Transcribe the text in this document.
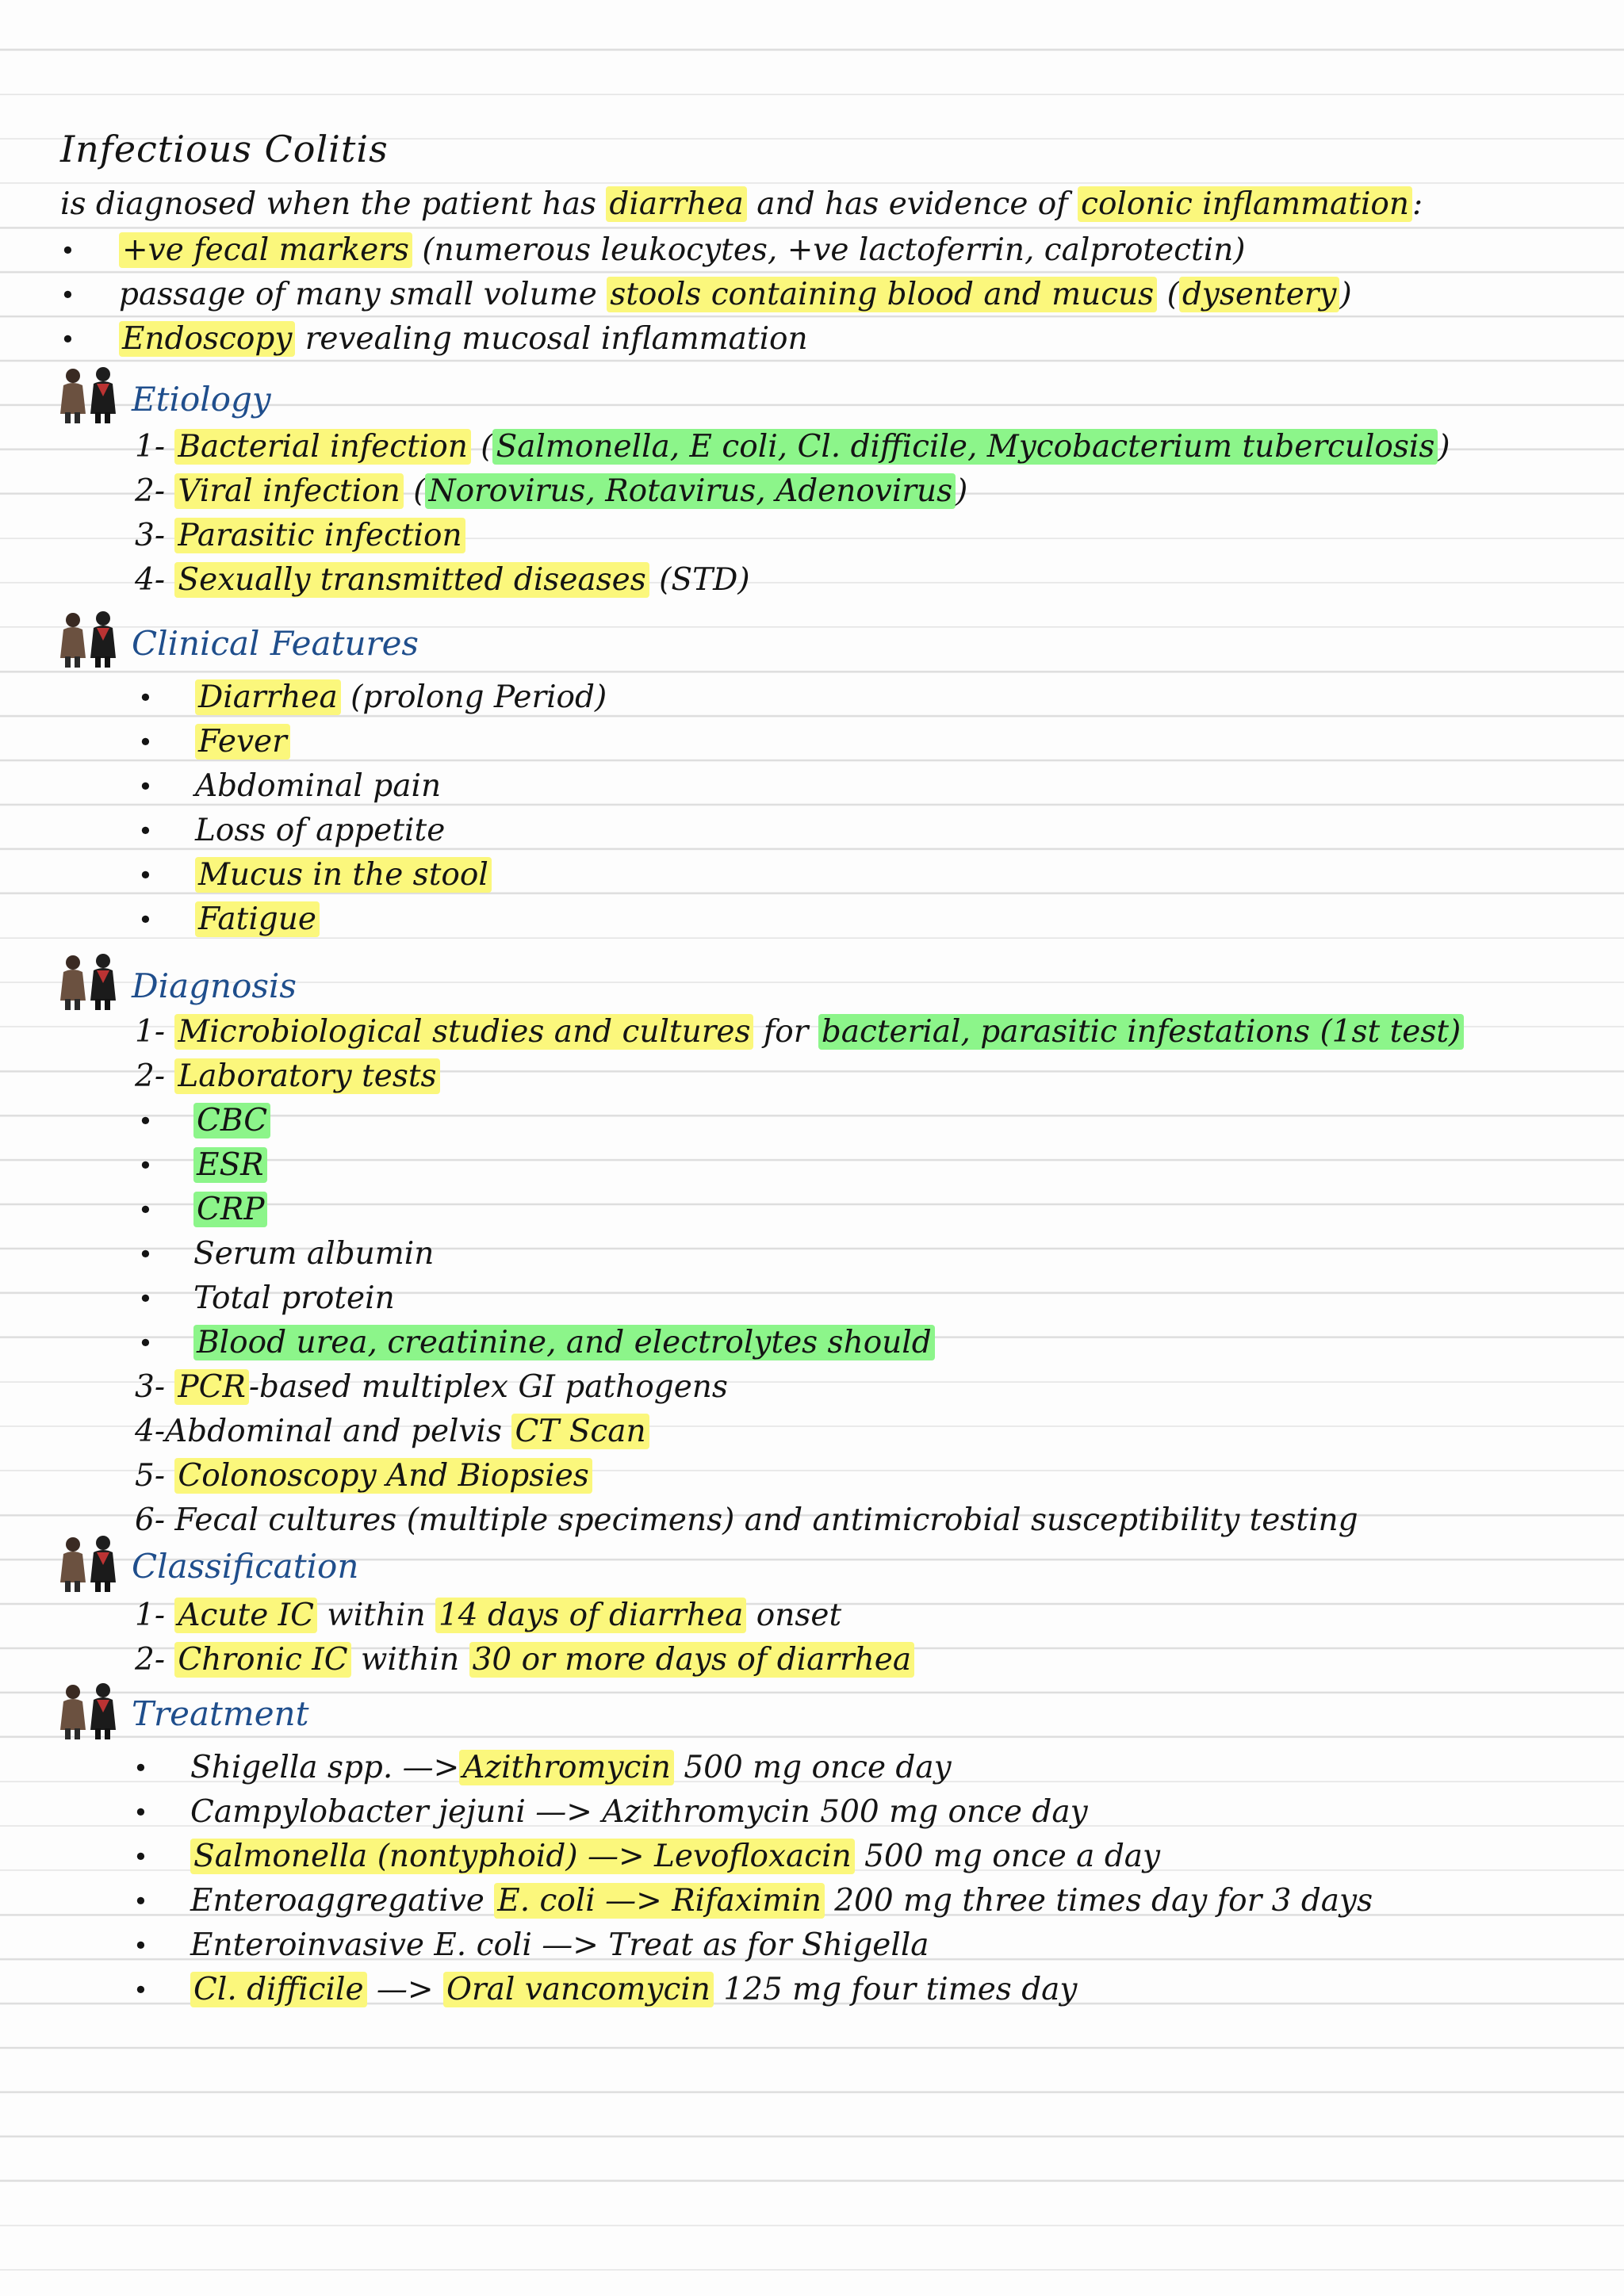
Infectious Colitis
is diagnosed when the patient has diarrhea and has evidence of colonic inflammation :
• +ve fecal markers (numerous leukocytes, +ve lactoferrin, calprotectin)
• passage of many small volume stools containing blood and mucus ( dysentery )
• Endoscopy revealing mucosal inflammation
Etiology
1- Bacterial infection ( Salmonella, E coli, Cl. difficile, Mycobacterium tuberculosis )
2- Viral infection ( Norovirus, Rotavirus, Adenovirus )
3- Parasitic infection
4- Sexually transmitted diseases (STD)
Clinical Features
• Diarrhea (prolong Period)
• Fever
• Abdominal pain
• Loss of appetite
• Mucus in the stool
• Fatigue
Diagnosis
1- Microbiological studies and cultures for bacterial, parasitic infestations (1st test)
2- Laboratory tests
• CBC
• ESR
• CRP
• Serum albumin
• Total protein
• Blood urea, creatinine, and electrolytes should
3- PCR -based multiplex GI pathogens
4-Abdominal and pelvis CT Scan
5- Colonoscopy And Biopsies
6- Fecal cultures (multiple specimens) and antimicrobial susceptibility testing
Classification
1- Acute IC within 14 days of diarrhea onset
2- Chronic IC within 30 or more days of diarrhea
Treatment
• Shigella spp. —> Azithromycin 500 mg once day
• Campylobacter jejuni —> Azithromycin 500 mg once day
• Salmonella (nontyphoid) —> Levofloxacin 500 mg once a day
• Enteroaggregative E. coli —> Rifaximin 200 mg three times day for 3 days
• Enteroinvasive E. coli —> Treat as for Shigella
• Cl. difficile —> Oral vancomycin 125 mg four times day
